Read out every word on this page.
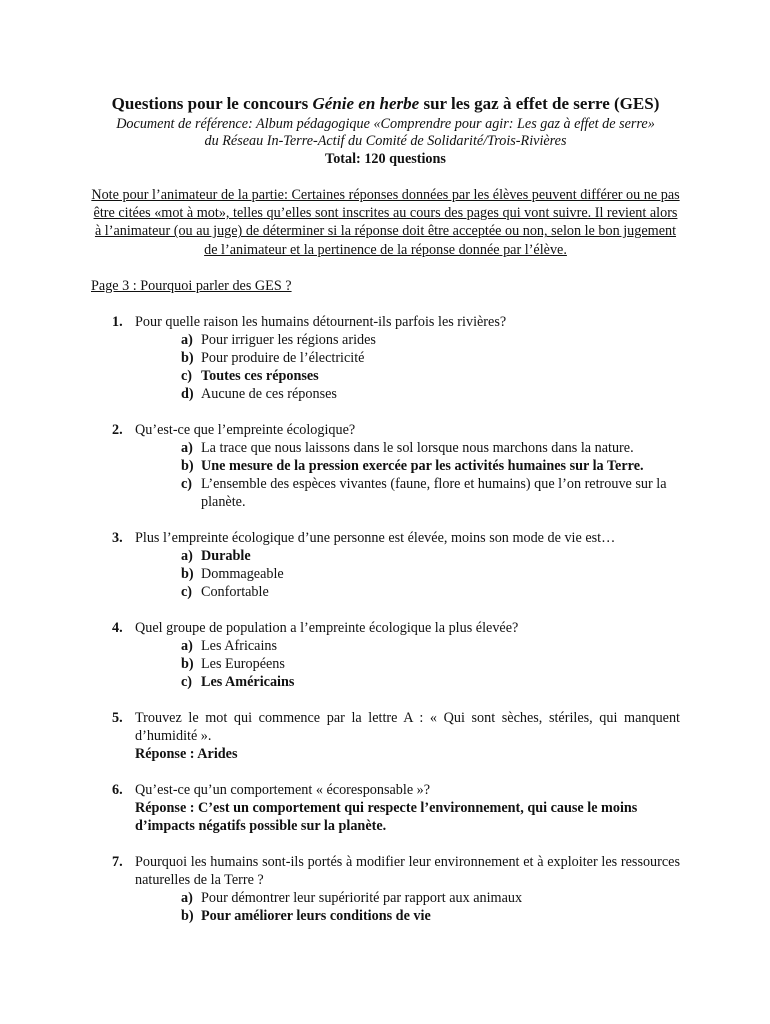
Questions pour le concours Génie en herbe sur les gaz à effet de serre (GES)

Document de référence: Album pédagogique «Comprendre pour agir: Les gaz à effet de serre»
du Réseau In-Terre-Actif du Comité de Solidarité/Trois-Rivières

Total: 120 questions

Note pour l’animateur de la partie: Certaines réponses données par les élèves peuvent différer ou ne pas être citées «mot à mot», telles qu’elles sont inscrites au cours des pages qui vont suivre. Il revient alors à l’animateur (ou au juge) de déterminer si la réponse doit être acceptée ou non, selon le bon jugement de l’animateur et la pertinence de la réponse donnée par l’élève.

Page 3 : Pourquoi parler des GES ?

1. Pour quelle raison les humains détournent-ils parfois les rivières?
a) Pour irriguer les régions arides
b) Pour produire de l’électricité
c) Toutes ces réponses
d) Aucune de ces réponses
2. Qu’est-ce que l’empreinte écologique?
a) La trace que nous laissons dans le sol lorsque nous marchons dans la nature.
b) Une mesure de la pression exercée par les activités humaines sur la Terre.
c) L’ensemble des espèces vivantes (faune, flore et humains) que l’on retrouve sur la planète.
3. Plus l’empreinte écologique d’une personne est élevée, moins son mode de vie est…
a) Durable
b) Dommageable
c) Confortable
4. Quel groupe de population a l’empreinte écologique la plus élevée?
a) Les Africains
b) Les Européens
c) Les Américains
5. Trouvez le mot qui commence par la lettre A : « Qui sont sèches, stériles, qui manquent d’humidité ».
Réponse : Arides
6. Qu’est-ce qu’un comportement « écoresponsable »?
Réponse : C’est un comportement qui respecte l’environnement, qui cause le moins d’impacts négatifs possible sur la planète.
7. Pourquoi les humains sont-ils portés à modifier leur environnement et à exploiter les ressources naturelles de la Terre ?
a) Pour démontrer leur supériorité par rapport aux animaux
b) Pour améliorer leurs conditions de vie
